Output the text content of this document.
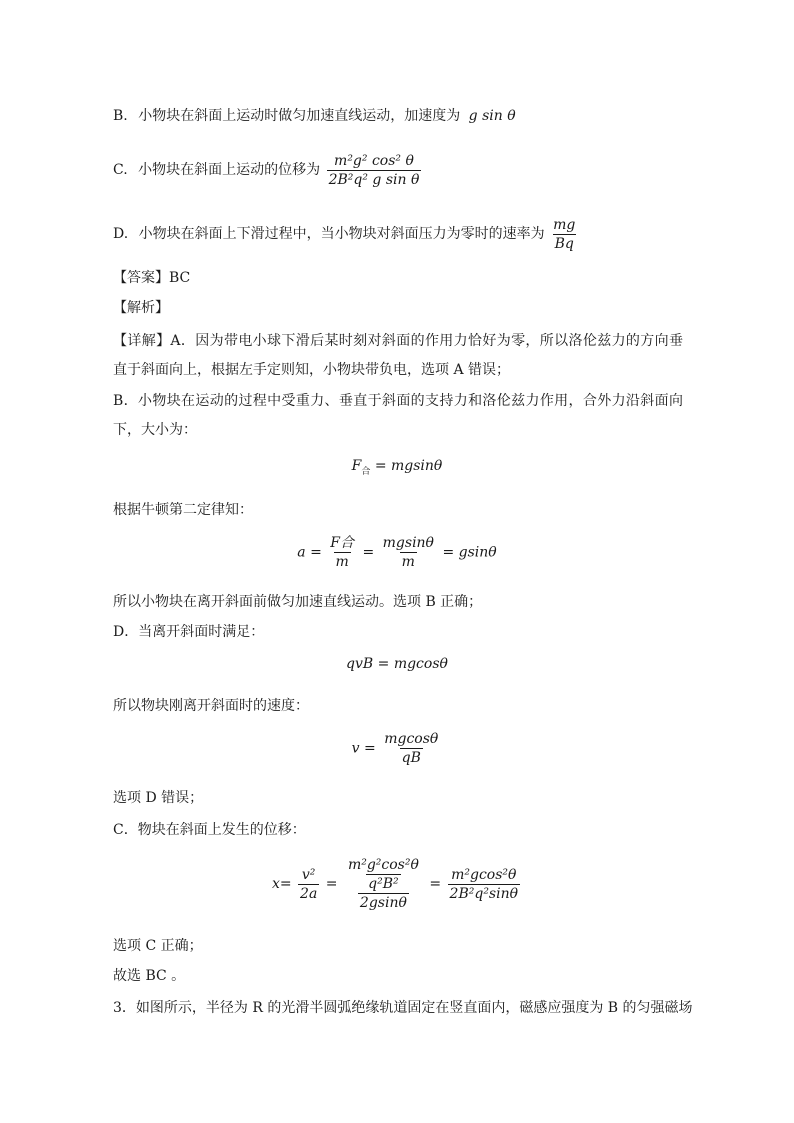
B. 小物块在斜面上运动时做匀加速直线运动，加速度为 g sin θ
C. 小物块在斜面上运动的位移为 $\frac{\text{m²g² cos² θ}}{\text{2B²q² g sin θ}}$
D. 小物块在斜面上下滑过程中，当小物块对斜面压力为零时的速率为 $\frac{mg}{Bq}$
【答案】BC
【解析】
【详解】A．因为带电小球下滑后某时刻对斜面的作用力恰好为零，所以洛伦兹力的方向垂直于斜面向上，根据左手定则知，小物块带负电，选项 A 错误；
B．小物块在运动的过程中受重力、垂直于斜面的支持力和洛伦兹力作用，合外力沿斜面向下，大小为：
$F_合 = mgsin\theta$
根据牛顿第二定律知：
$a = \frac{\text{F合}}{m} = \frac{mgsin\theta}{m} = gsin\theta$
所以小物块在离开斜面前做匀加速直线运动。选项 B 正确；
D．当离开斜面时满足：
qvB = mgcosθ
所以物块刚离开斜面时的速度：
$v = \frac{mgcos\theta}{qB}$
选项 D 错误；
C．物块在斜面上发生的位移：
$x= \frac{\text{v²}}{2a} = \frac{\frac{\text{m²g²cos²θ}}{\text{q²B²}}}{2gsin\theta} = \frac{\text{m²gcos²θ}}{\text{2B²q²sinθ}}$
选项 C 正确；
故选 BC 。
3．如图所示，半径为 R 的光滑半圆弧绝缘轨道固定在竖直面内，磁感应强度为 B 的匀强磁场
